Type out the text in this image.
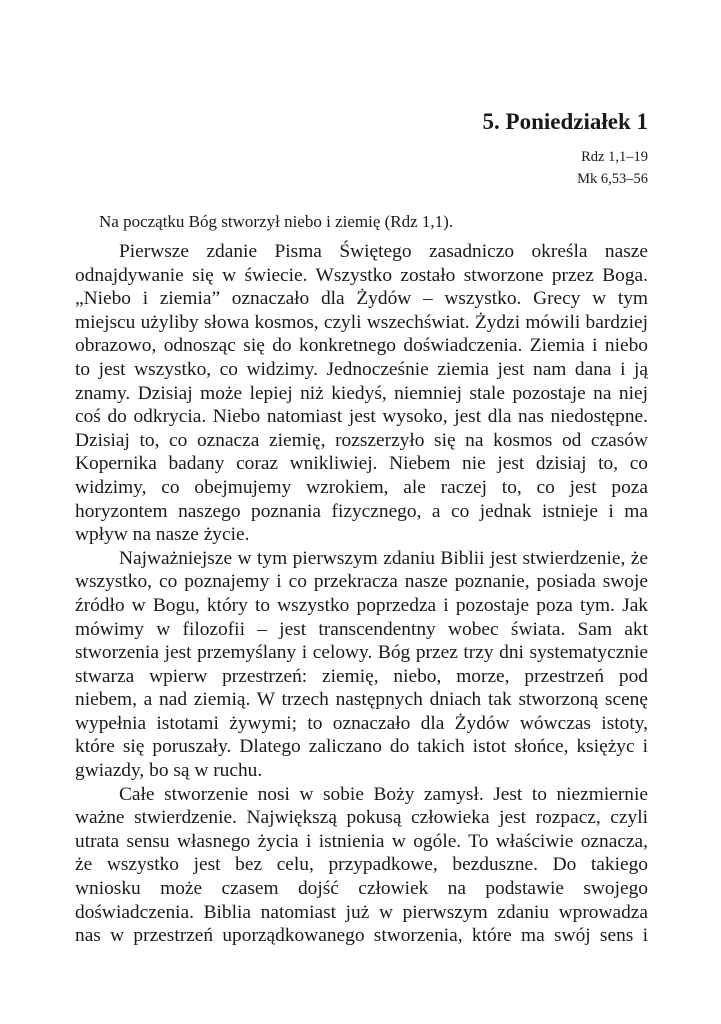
5. Poniedziałek 1
Rdz 1,1–19
Mk 6,53–56
Na początku Bóg stworzył niebo i ziemię (Rdz 1,1).
Pierwsze zdanie Pisma Świętego zasadniczo określa nasze
odnajdywanie się w świecie. Wszystko zostało stworzone przez Boga.
„Niebo i ziemia” oznaczało dla Żydów – wszystko. Grecy w tym
miejscu użyliby słowa kosmos, czyli wszechświat. Żydzi mówili bardziej
obrazowo, odnosząc się do konkretnego doświadczenia. Ziemia i niebo
to jest wszystko, co widzimy. Jednocześnie ziemia jest nam dana i ją
znamy. Dzisiaj może lepiej niż kiedyś, niemniej stale pozostaje na niej
coś do odkrycia. Niebo natomiast jest wysoko, jest dla nas niedostępne.
Dzisiaj to, co oznacza ziemię, rozszerzyło się na kosmos od czasów
Kopernika badany coraz wnikliwiej. Niebem nie jest dzisiaj to, co
widzimy, co obejmujemy wzrokiem, ale raczej to, co jest poza
horyzontem naszego poznania fizycznego, a co jednak istnieje i ma
wpływ na nasze życie.
Najważniejsze w tym pierwszym zdaniu Biblii jest stwierdzenie, że
wszystko, co poznajemy i co przekracza nasze poznanie, posiada swoje
źródło w Bogu, który to wszystko poprzedza i pozostaje poza tym. Jak
mówimy w filozofii – jest transcendentny wobec świata. Sam akt
stworzenia jest przemyślany i celowy. Bóg przez trzy dni systematycznie
stwarza wpierw przestrzeń: ziemię, niebo, morze, przestrzeń pod
niebem, a nad ziemią. W trzech następnych dniach tak stworzoną scenę
wypełnia istotami żywymi; to oznaczało dla Żydów wówczas istoty,
które się poruszały. Dlatego zaliczano do takich istot słońce, księżyc i
gwiazdy, bo są w ruchu.
Całe stworzenie nosi w sobie Boży zamysł. Jest to niezmiernie
ważne stwierdzenie. Największą pokusą człowieka jest rozpacz, czyli
utrata sensu własnego życia i istnienia w ogóle. To właściwie oznacza,
że wszystko jest bez celu, przypadkowe, bezduszne. Do takiego
wniosku może czasem dojść człowiek na podstawie swojego
doświadczenia. Biblia natomiast już w pierwszym zdaniu wprowadza
nas w przestrzeń uporządkowanego stworzenia, które ma swój sens i
